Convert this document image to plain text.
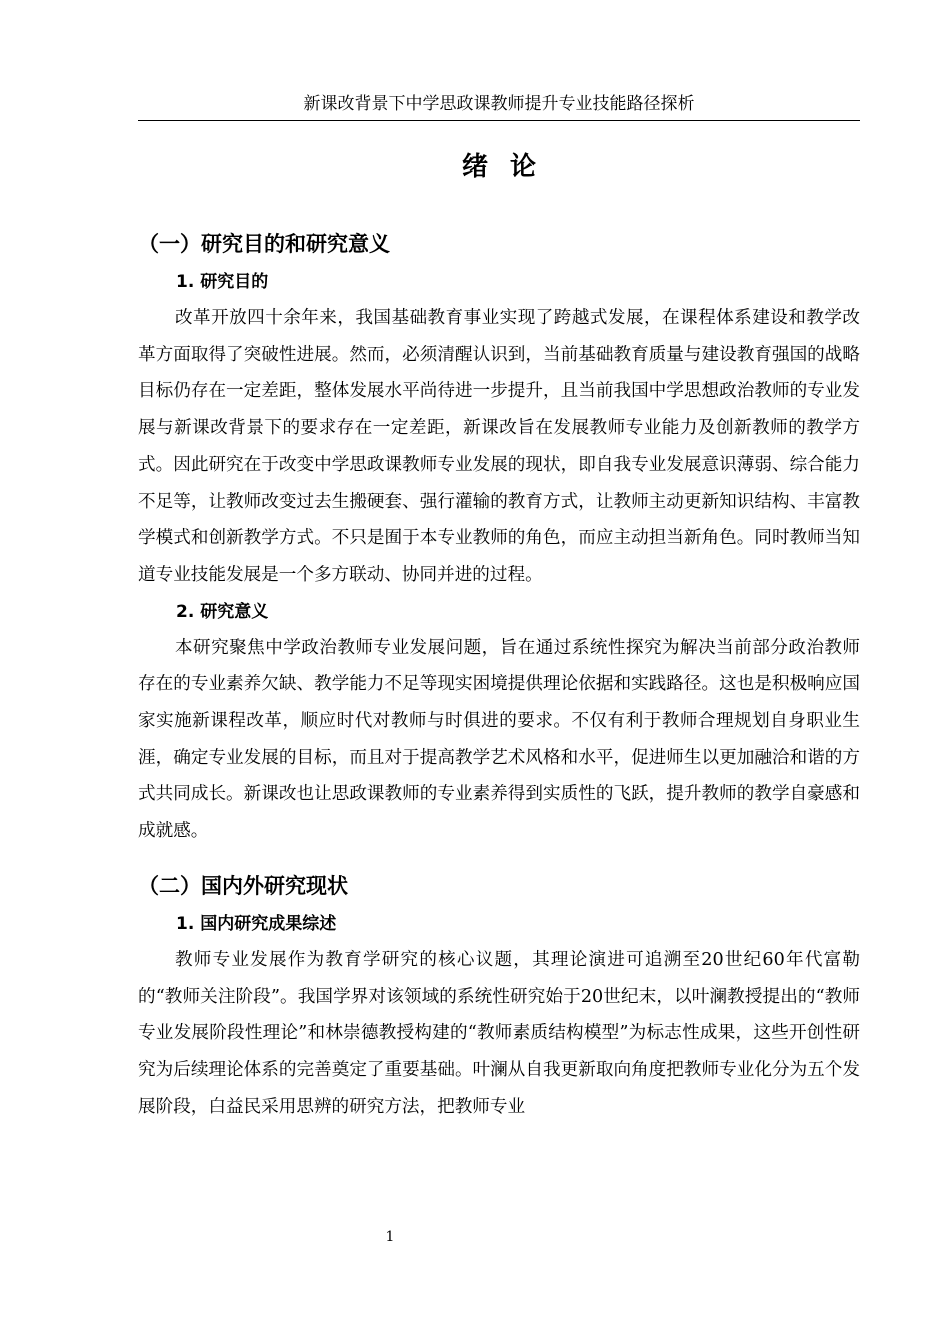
新课改背景下中学思政课教师提升专业技能路径探析
绪论
（一）研究目的和研究意义
1. 研究目的

改革开放四十余年来，我国基础教育事业实现了跨越式发展，在课程体系建设和教学改革方面取得了突破性进展。然而，必须清醒认识到，当前基础教育质量与建设教育强国的战略目标仍存在一定差距，整体发展水平尚待进一步提升，且当前我国中学思想政治教师的专业发展与新课改背景下的要求存在一定差距，新课改旨在发展教师专业能力及创新教师的教学方式。因此研究在于改变中学思政课教师专业发展的现状，即自我专业发展意识薄弱、综合能力不足等，让教师改变过去生搬硬套、强行灌输的教育方式，让教师主动更新知识结构、丰富教学模式和创新教学方式。不只是囿于本专业教师的角色，而应主动担当新角色。同时教师当知道专业技能发展是一个多方联动、协同并进的过程。

2. 研究意义

本研究聚焦中学政治教师专业发展问题，旨在通过系统性探究为解决当前部分政治教师存在的专业素养欠缺、教学能力不足等现实困境提供理论依据和实践路径。这也是积极响应国家实施新课程改革，顺应时代对教师与时俱进的要求。不仅有利于教师合理规划自身职业生涯，确定专业发展的目标，而且对于提高教学艺术风格和水平，促进师生以更加融洽和谐的方式共同成长。新课改也让思政课教师的专业素养得到实质性的飞跃，提升教师的教学自豪感和成就感。

（二）国内外研究现状
1. 国内研究成果综述

教师专业发展作为教育学研究的核心议题，其理论演进可追溯至20世纪60年代富勒的“教师关注阶段”。我国学界对该领域的系统性研究始于20世纪末，以叶澜教授提出的“教师专业发展阶段性理论”和林崇德教授构建的“教师素质结构模型”为标志性成果，这些开创性研究为后续理论体系的完善奠定了重要基础。叶澜从自我更新取向角度把教师专业化分为五个发展阶段，白益民采用思辨的研究方法，把教师专业

1
